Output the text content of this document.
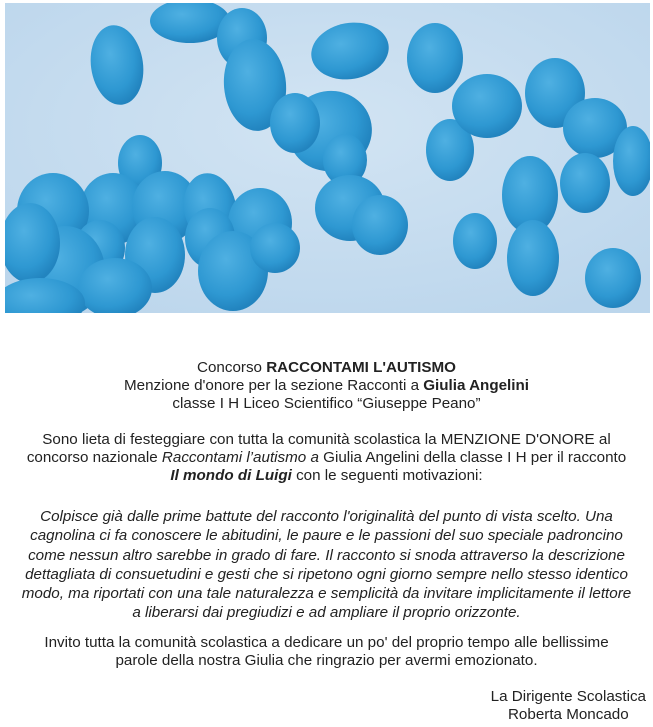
Concorso RACCONTAMI L'AUTISMO
Menzione d'onore per la sezione Racconti a Giulia Angelini
classe I H Liceo Scientifico “Giuseppe Peano”
Sono lieta di festeggiare con tutta la comunità scolastica la MENZIONE D'ONORE al
concorso nazionale Raccontami l’autismo a Giulia Angelini della classe I H per il racconto
Il mondo di Luigi con le seguenti motivazioni:
Colpisce già dalle prime battute del racconto l'originalità del punto di vista scelto. Una
cagnolina ci fa conoscere le abitudini, le paure e le passioni del suo speciale padroncino
come nessun altro sarebbe in grado di fare. Il racconto si snoda attraverso la descrizione
dettagliata di consuetudini e gesti che si ripetono ogni giorno sempre nello stesso identico
modo, ma riportati con una tale naturalezza e semplicità da invitare implicitamente il lettore
a liberarsi dai pregiudizi e ad ampliare il proprio orizzonte.
Invito tutta la comunità scolastica a dedicare un po' del proprio tempo alle bellissime
parole della nostra Giulia che ringrazio per avermi emozionato.
La Dirigente Scolastica
Roberta Moncado
